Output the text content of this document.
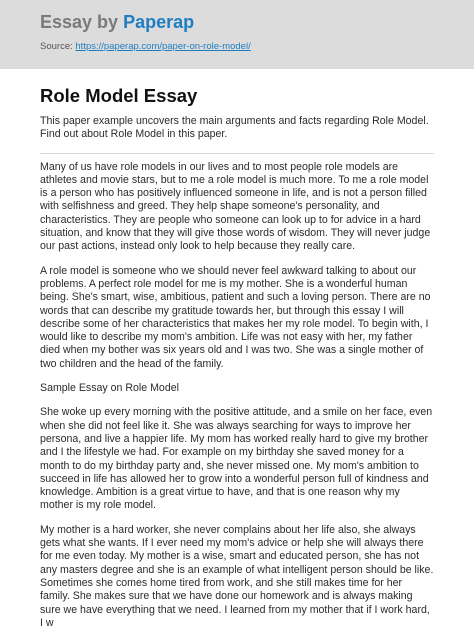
Essay by Paperap
Source: https://paperap.com/paper-on-role-model/
Role Model Essay

This paper example uncovers the main arguments and facts regarding Role Model. Find out about Role Model in this paper.

Many of us have role models in our lives and to most people role models are athletes and movie stars, but to me a role model is much more. To me a role model is a person who has positively influenced someone in life, and is not a person filled with selfishness and greed. They help shape someone's personality, and characteristics. They are people who someone can look up to for advice in a hard situation, and know that they will give those words of wisdom. They will never judge our past actions, instead only look to help because they really care.

A role model is someone who we should never feel awkward talking to about our problems. A perfect role model for me is my mother. She is a wonderful human being. She's smart, wise, ambitious, patient and such a loving person. There are no words that can describe my gratitude towards her, but through this essay I will describe some of her characteristics that makes her my role model. To begin with, I would like to describe my mom's ambition. Life was not easy with her, my father died when my bother was six years old and I was two. She was a single mother of two children and the head of the family.

Sample Essay on Role Model

She woke up every morning with the positive attitude, and a smile on her face, even when she did not feel like it. She was always searching for ways to improve her persona, and live a happier life. My mom has worked really hard to give my brother and I the lifestyle we had. For example on my birthday she saved money for a month to do my birthday party and, she never missed one. My mom's ambition to succeed in life has allowed her to grow into a wonderful person full of kindness and knowledge. Ambition is a great virtue to have, and that is one reason why my mother is my role model.

My mother is a hard worker, she never complains about her life also, she always gets what she wants. If I ever need my mom's advice or help she will always there for me even today. My mother is a wise, smart and educated person, she has not any masters degree and she is an example of what intelligent person should be like. Sometimes she comes home tired from work, and she still makes time for her family. She makes sure that we have done our homework and is always making sure we have everything that we need. I learned from my mother that if I work hard, I w
